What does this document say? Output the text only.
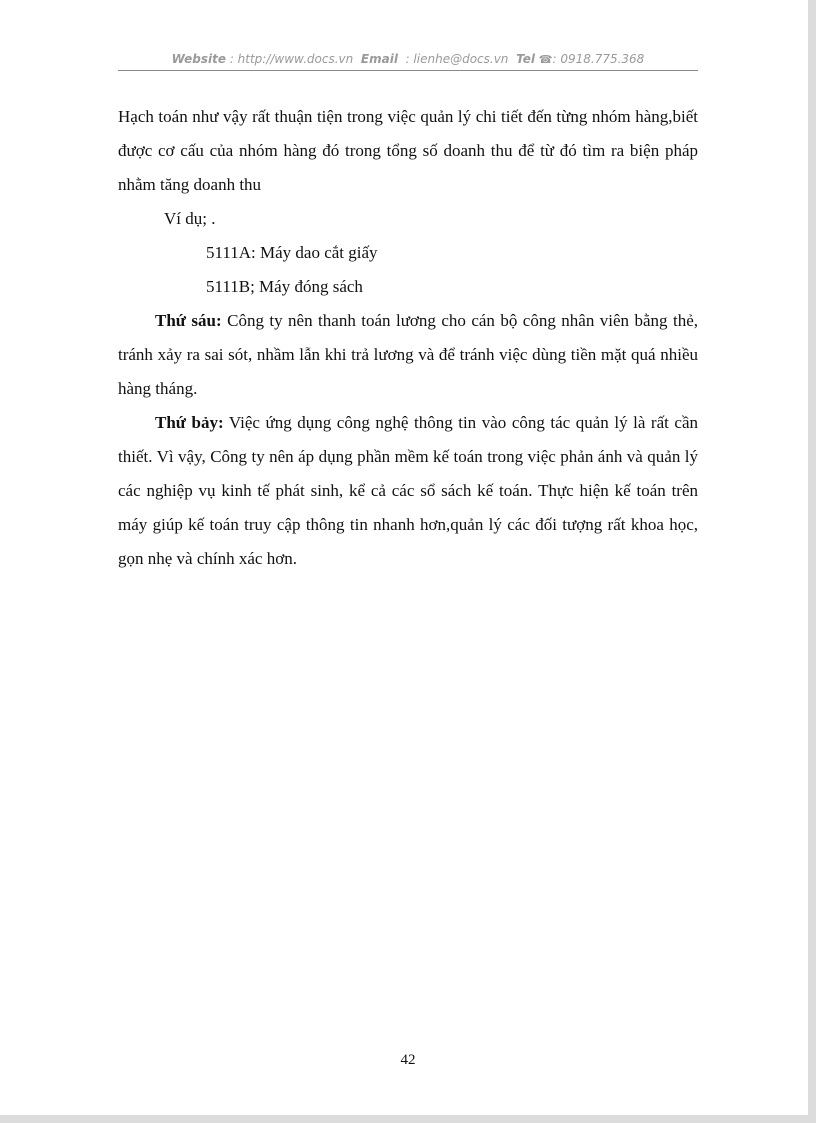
Website : http://www.docs.vn Email : lienhe@docs.vn Tel ☎: 0918.775.368

Hạch toán như vậy rất thuận tiện trong việc quản lý chi tiết đến từng nhóm hàng,biết được cơ cấu của nhóm hàng đó trong tổng số doanh thu để từ đó tìm ra biện pháp nhằm tăng doanh thu

Ví dụ; .

5111A: Máy dao cắt giấy

5111B; Máy đóng sách

Thứ sáu: Công ty nên thanh toán lương cho cán bộ công nhân viên bằng thẻ, tránh xảy ra sai sót, nhầm lẫn khi trả lương và để tránh việc dùng tiền mặt quá nhiều hàng tháng.

Thứ bảy: Việc ứng dụng công nghệ thông tin vào công tác quản lý là rất cần thiết. Vì vậy, Công ty nên áp dụng phần mềm kế toán trong việc phản ánh và quản lý các nghiệp vụ kinh tế phát sinh, kể cả các sổ sách kế toán. Thực hiện kế toán trên máy giúp kế toán truy cập thông tin nhanh hơn,quản lý các đối tượng rất khoa học, gọn nhẹ và chính xác hơn.

42
